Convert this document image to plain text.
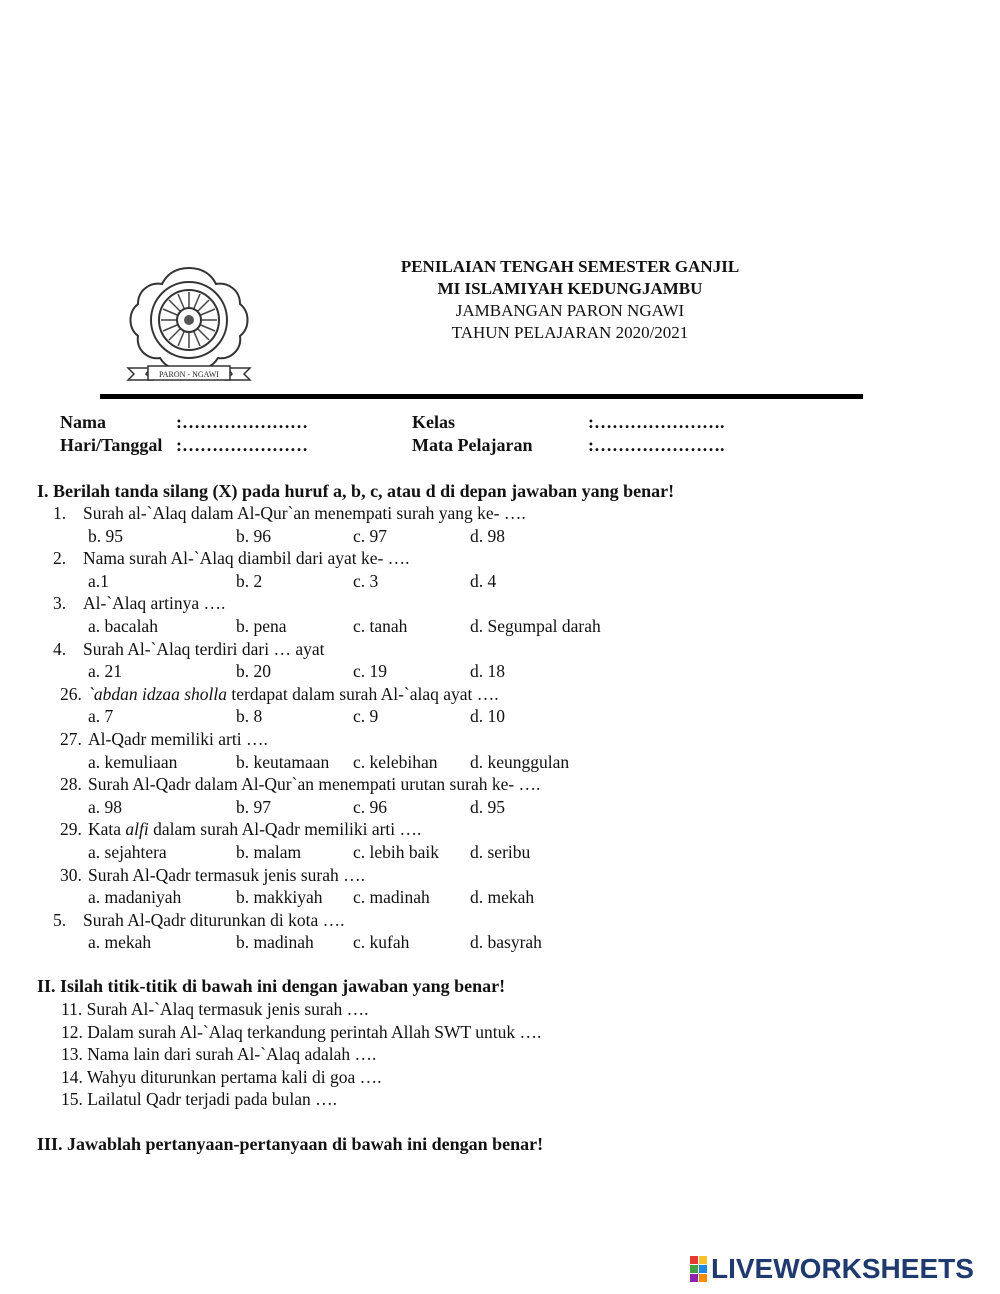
PARON - NGAWI
PENILAIAN TENGAH SEMESTER GANJIL
MI ISLAMIYAH KEDUNGJAMBU
JAMBANGAN PARON NGAWI
TAHUN PELAJARAN 2020/2021
Nama	:…………………	Kelas	:………………….
Hari/Tanggal :…………………	Mata Pelajaran	:………………….
I. Berilah tanda silang (X) pada huruf a, b, c, atau d di depan jawaban yang benar!
1. Surah al-`Alaq dalam Al-Qur`an menempati surah yang ke- ….
b. 95	b. 96	c. 97	d. 98
2. Nama surah Al-`Alaq diambil dari ayat ke- ….
a.1	b. 2	c. 3	d. 4
3. Al-`Alaq artinya ….
a. bacalah	b. pena	c. tanah	d. Segumpal darah
4. Surah Al-`Alaq terdiri dari … ayat
a. 21	b. 20	c. 19	d. 18
26. `abdan idzaa sholla terdapat dalam surah Al-`alaq ayat ….
a. 7	b. 8	c. 9	d. 10
27. Al-Qadr memiliki arti ….
a. kemuliaan	b. keutamaan c. kelebihan d. keunggulan
28. Surah Al-Qadr dalam Al-Qur`an menempati urutan surah ke- ….
a. 98	b. 97	c. 96	d. 95
29. Kata alfi dalam surah Al-Qadr memiliki arti ….
a. sejahtera	b. malam	c. lebih baik d. seribu
30. Surah Al-Qadr termasuk jenis surah ….
a. madaniyah	b. makkiyah c. madinah d. mekah
5. Surah Al-Qadr diturunkan di kota ….
a. mekah	b. madinah c. kufah	d. basyrah
II. Isilah titik-titik di bawah ini dengan jawaban yang benar!
11. Surah Al-`Alaq termasuk jenis surah ….
12. Dalam surah Al-`Alaq terkandung perintah Allah SWT untuk ….
13. Nama lain dari surah Al-`Alaq adalah ….
14. Wahyu diturunkan pertama kali di goa ….
15. Lailatul Qadr terjadi pada bulan ….
III. Jawablah pertanyaan-pertanyaan di bawah ini dengan benar!
LIVEWORKSHEETS
